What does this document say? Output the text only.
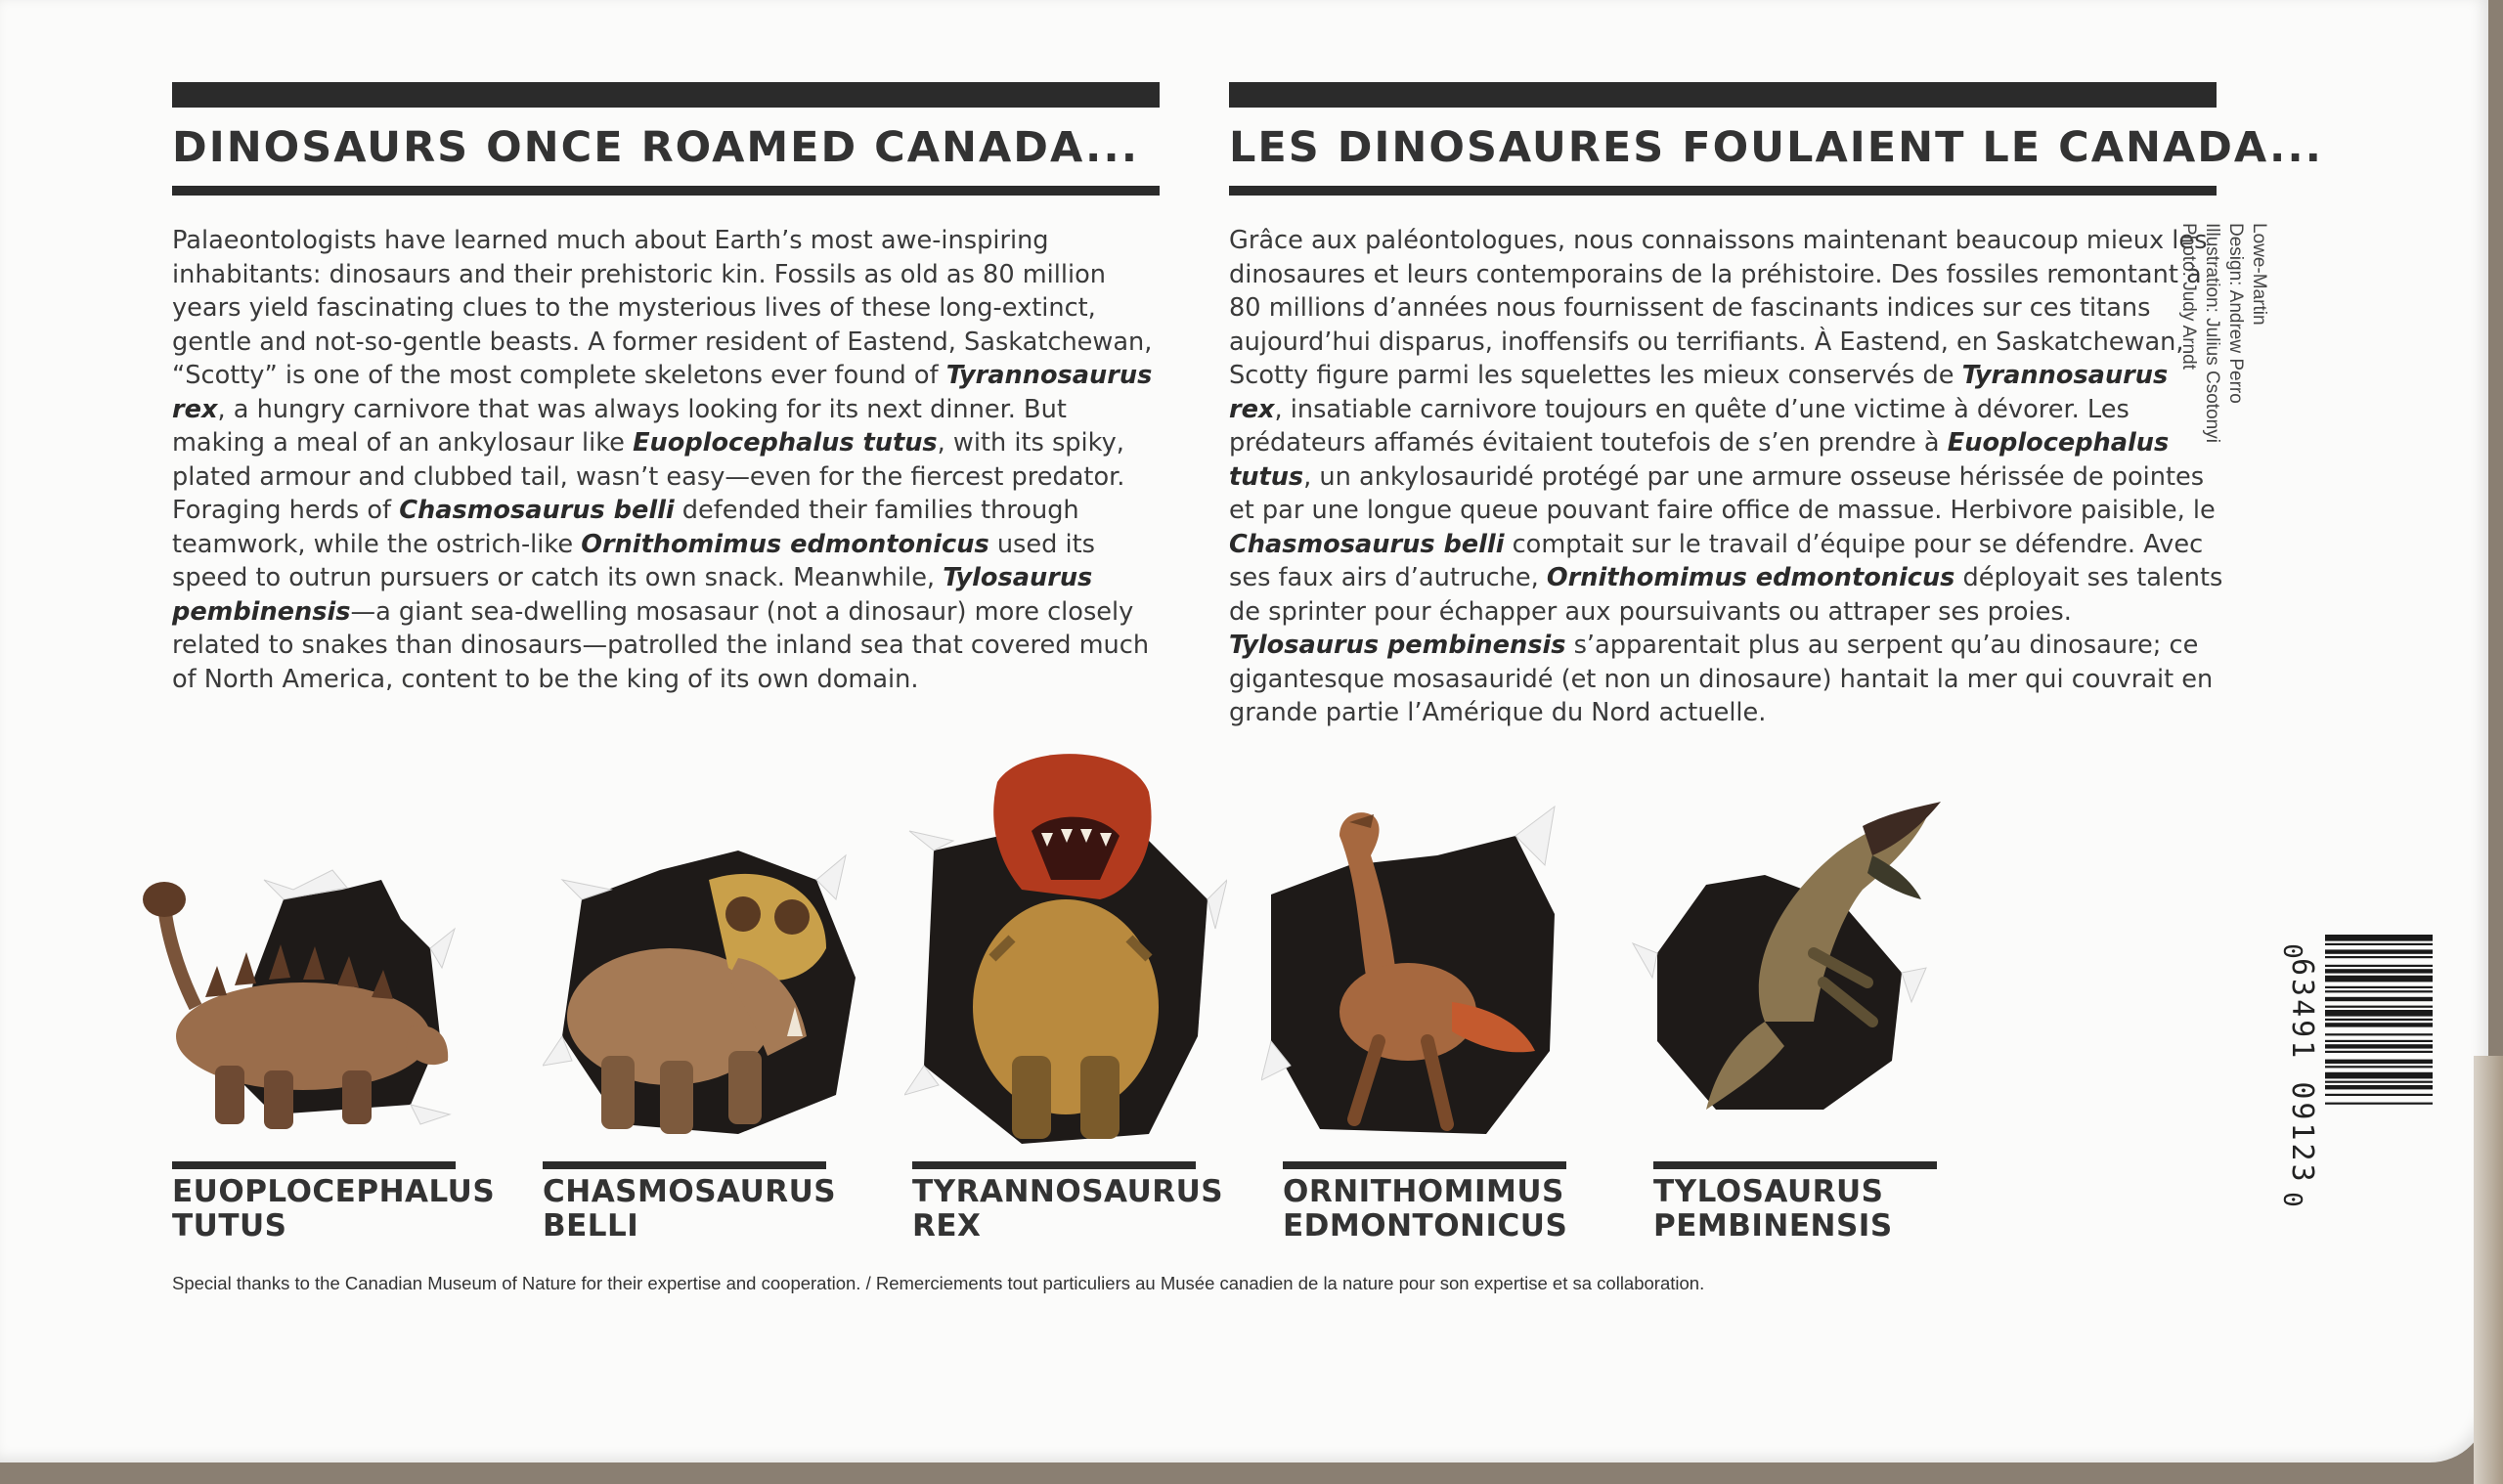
DINOSAURS ONCE ROAMED CANADA...

Palaeontologists have learned much about Earth’s most awe-inspiring inhabitants: dinosaurs and their prehistoric kin. Fossils as old as 80 million years yield fascinating clues to the mysterious lives of these long-extinct, gentle and not-so-gentle beasts. A former resident of Eastend, Saskatchewan, “Scotty” is one of the most complete skeletons ever found of Tyrannosaurus rex, a hungry carnivore that was always looking for its next dinner. But making a meal of an ankylosaur like Euoplocephalus tutus, with its spiky, plated armour and clubbed tail, wasn’t easy—even for the fiercest predator. Foraging herds of Chasmosaurus belli defended their families through teamwork, while the ostrich-like Ornithomimus edmontonicus used its speed to outrun pursuers or catch its own snack. Meanwhile, Tylosaurus pembinensis—a giant sea-dwelling mosasaur (not a dinosaur) more closely related to snakes than dinosaurs—patrolled the inland sea that covered much of North America, content to be the king of its own domain.

LES DINOSAURES FOULAIENT LE CANADA...

Grâce aux paléontologues, nous connaissons maintenant beaucoup mieux les dinosaures et leurs contemporains de la préhistoire. Des fossiles remontant à 80 millions d’années nous fournissent de fascinants indices sur ces titans aujourd’hui disparus, inoffensifs ou terrifiants. À Eastend, en Saskatchewan, Scotty figure parmi les squelettes les mieux conservés de Tyrannosaurus rex, insatiable carnivore toujours en quête d’une victime à dévorer. Les prédateurs affamés évitaient toutefois de s’en prendre à Euoplocephalus tutus, un ankylosauridé protégé par une armure osseuse hérissée de pointes et par une longue queue pouvant faire office de massue. Herbivore paisible, le Chasmosaurus belli comptait sur le travail d’équipe pour se défendre. Avec ses faux airs d’autruche, Ornithomimus edmontonicus déployait ses talents de sprinter pour échapper aux poursuivants ou attraper ses proies. Tylosaurus pembinensis s’apparentait plus au serpent qu’au dinosaure; ce gigantesque mosasauridé (et non un dinosaure) hantait la mer qui couvrait en grande partie l’Amérique du Nord actuelle.

Lowe-Martin
Design: Andrew Perro
Illustration: Julius Csotonyi
Photo: Judy Arndt
0
63491 09123
0

EUOPLOCEPHALUS
TUTUS

CHASMOSAURUS
BELLI

TYRANNOSAURUS
REX

ORNITHOMIMUS
EDMONTONICUS

TYLOSAURUS
PEMBINENSIS

Special thanks to the Canadian Museum of Nature for their expertise and cooperation. / Remerciements tout particuliers au Musée canadien de la nature pour son expertise et sa collaboration.
